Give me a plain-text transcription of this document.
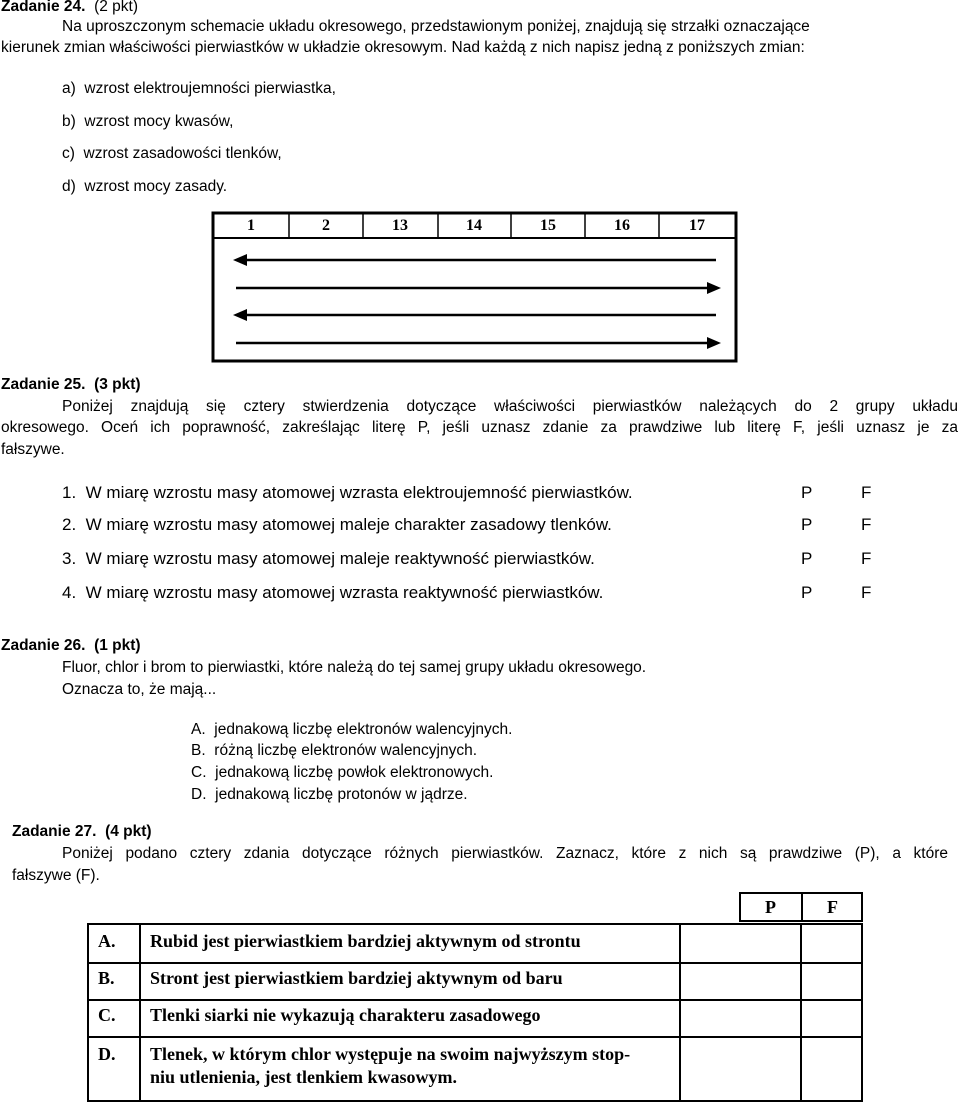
Zadanie 24. (2 pkt)
Na uproszczonym schemacie układu okresowego, przedstawionym poniżej, znajdują się strzałki oznaczające
kierunek zmian właściwości pierwiastków w układzie okresowym. Nad każdą z nich napisz jedną z poniższych zmian:
a) wzrost elektroujemności pierwiastka,
b) wzrost mocy kwasów,
c) wzrost zasadowości tlenków,
d) wzrost mocy zasady.
1	2	13	14	15	16	17
Zadanie 25. (3 pkt)
Poniżej znajdują się cztery stwierdzenia dotyczące właściwości pierwiastków należących do 2 grupy układu
okresowego. Oceń ich poprawność, zakreślając literę P, jeśli uznasz zdanie za prawdziwe lub literę F, jeśli uznasz je za
fałszywe.
1. W miarę wzrostu masy atomowej wzrasta elektroujemność pierwiastków.	P	F
2. W miarę wzrostu masy atomowej maleje charakter zasadowy tlenków.	P	F
3. W miarę wzrostu masy atomowej maleje reaktywność pierwiastków.	P	F
4. W miarę wzrostu masy atomowej wzrasta reaktywność pierwiastków.	P	F
Zadanie 26. (1 pkt)
Fluor, chlor i brom to pierwiastki, które należą do tej samej grupy układu okresowego.
Oznacza to, że mają...
A. jednakową liczbę elektronów walencyjnych.
B. różną liczbę elektronów walencyjnych.
C. jednakową liczbę powłok elektronowych.
D. jednakową liczbę protonów w jądrze.
Zadanie 27. (4 pkt)
Poniżej podano cztery zdania dotyczące różnych pierwiastków. Zaznacz, które z nich są prawdziwe (P), a które
fałszywe (F).
P	F
A. Rubid jest pierwiastkiem bardziej aktywnym od strontu
B. Stront jest pierwiastkiem bardziej aktywnym od baru
C. Tlenki siarki nie wykazują charakteru zasadowego
D. Tlenek, w którym chlor występuje na swoim najwyższym stop-
niu utlenienia, jest tlenkiem kwasowym.
